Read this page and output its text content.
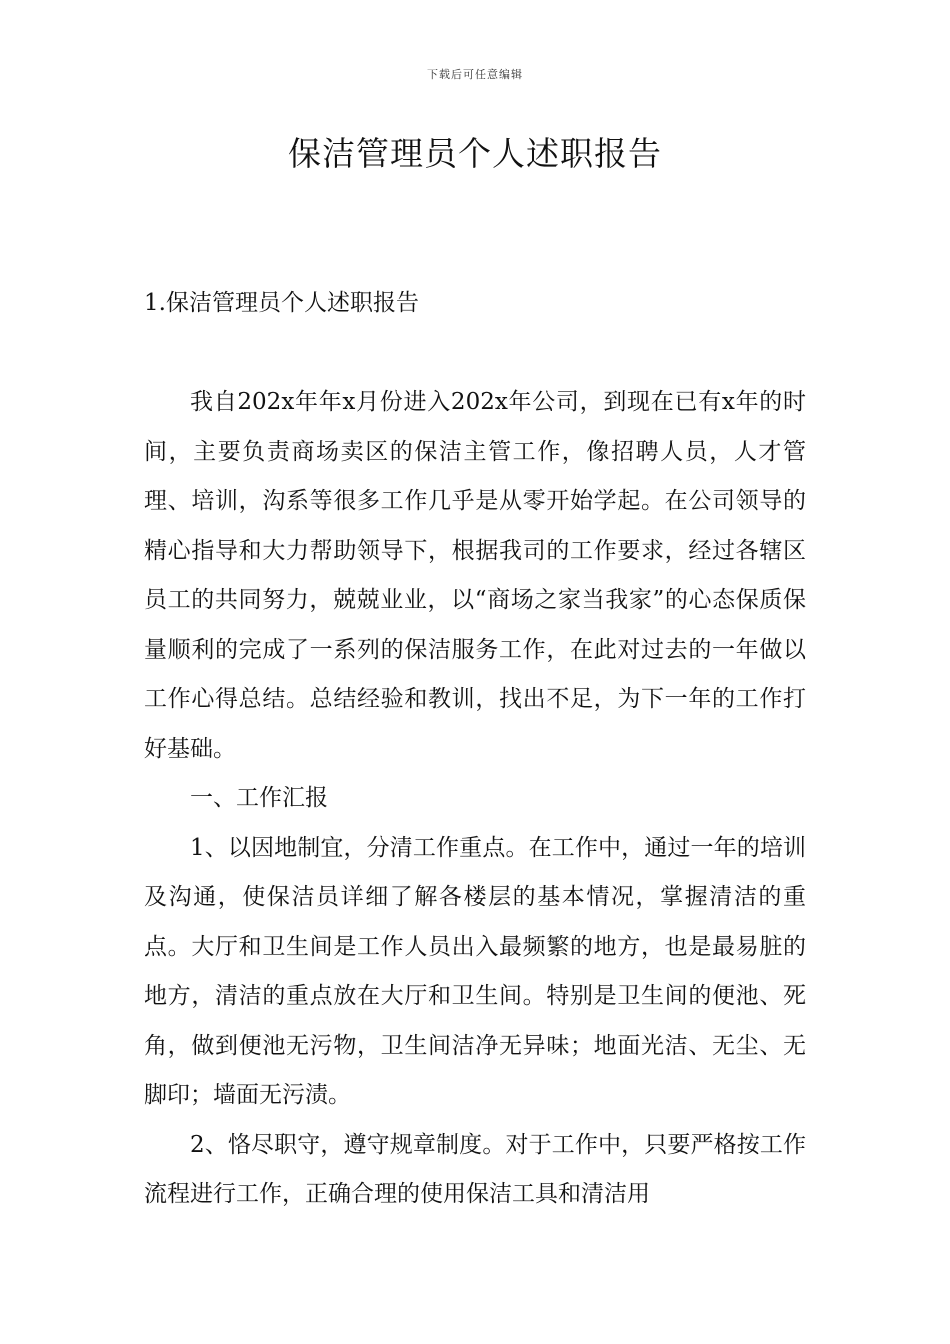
下载后可任意编辑
保洁管理员个人述职报告
1.保洁管理员个人述职报告

我自202x年年x月份进入202x年公司，到现在已有x年的时间，主要负责商场卖区的保洁主管工作，像招聘人员，人才管理、培训，沟系等很多工作几乎是从零开始学起。在公司领导的精心指导和大力帮助领导下，根据我司的工作要求，经过各辖区员工的共同努力，兢兢业业，以“商场之家当我家”的心态保质保量顺利的完成了一系列的保洁服务工作，在此对过去的一年做以工作心得总结。总结经验和教训，找出不足，为下一年的工作打好基础。

一、工作汇报

1、以因地制宜，分清工作重点。在工作中，通过一年的培训及沟通，使保洁员详细了解各楼层的基本情况，掌握清洁的重点。大厅和卫生间是工作人员出入最频繁的地方，也是最易脏的地方，清洁的重点放在大厅和卫生间。特别是卫生间的便池、死角，做到便池无污物，卫生间洁净无异味；地面光洁、无尘、无脚印；墙面无污渍。

2、恪尽职守，遵守规章制度。对于工作中，只要严格按工作流程进行工作，正确合理的使用保洁工具和清洁用
